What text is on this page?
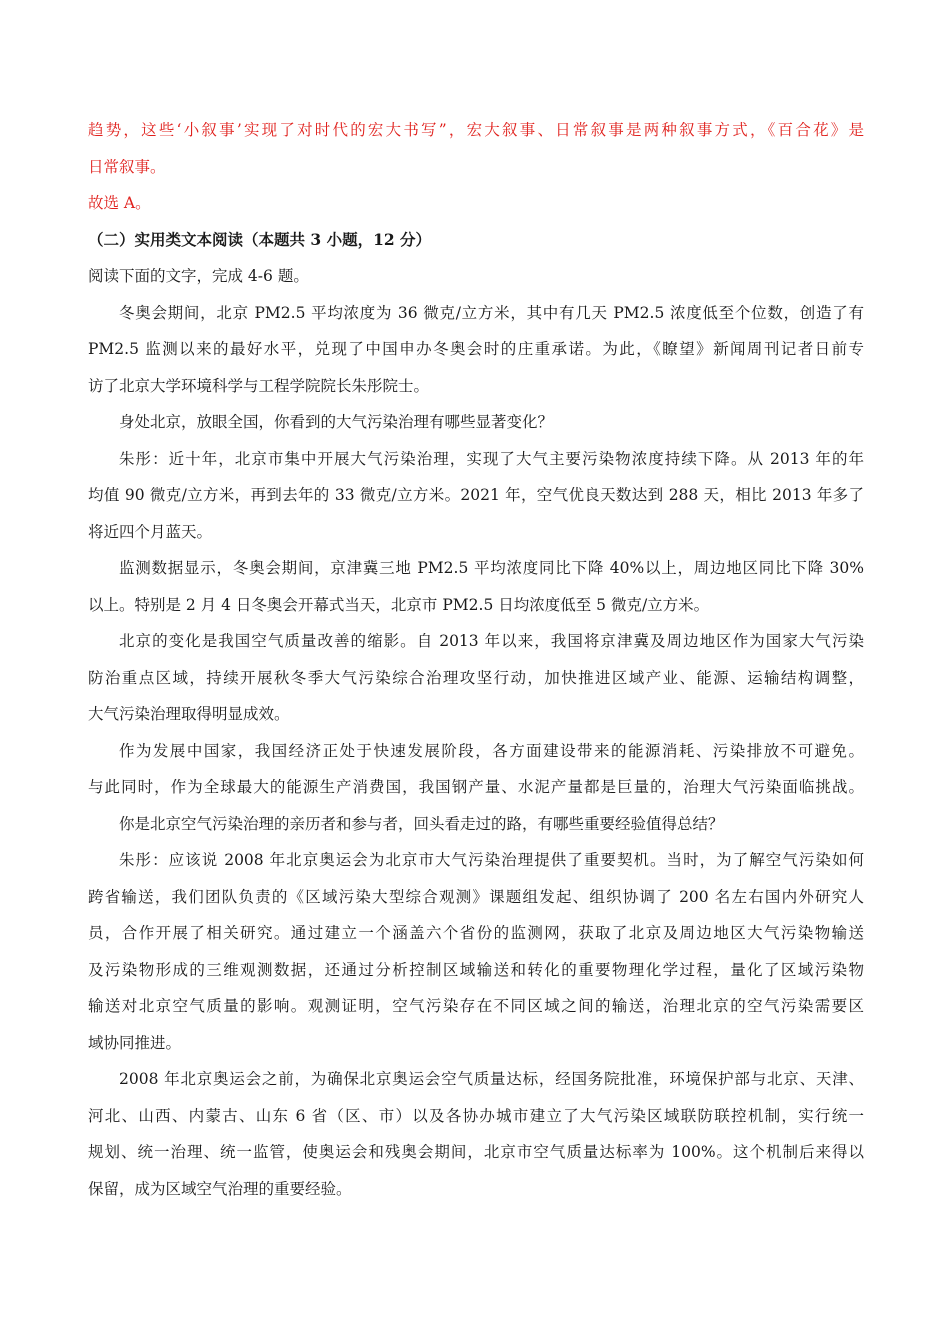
趋势，这些‘小叙事’实现了对时代的宏大书写”，宏大叙事、日常叙事是两种叙事方式，《百合花》是
日常叙事。
故选 A。
（二）实用类文本阅读（本题共 3 小题，12 分）
阅读下面的文字，完成 4-6 题。
冬奥会期间，北京 PM2.5 平均浓度为 36 微克/立方米，其中有几天 PM2.5 浓度低至个位数，创造了有
PM2.5 监测以来的最好水平，兑现了中国申办冬奥会时的庄重承诺。为此，《瞭望》新闻周刊记者日前专
访了北京大学环境科学与工程学院院长朱彤院士。
身处北京，放眼全国，你看到的大气污染治理有哪些显著变化？
朱彤：近十年，北京市集中开展大气污染治理，实现了大气主要污染物浓度持续下降。从 2013 年的年
均值 90 微克/立方米，再到去年的 33 微克/立方米。2021 年，空气优良天数达到 288 天，相比 2013 年多了
将近四个月蓝天。
监测数据显示，冬奥会期间，京津冀三地 PM2.5 平均浓度同比下降 40%以上，周边地区同比下降 30%
以上。特别是 2 月 4 日冬奥会开幕式当天，北京市 PM2.5 日均浓度低至 5 微克/立方米。
北京的变化是我国空气质量改善的缩影。自 2013 年以来，我国将京津冀及周边地区作为国家大气污染
防治重点区域，持续开展秋冬季大气污染综合治理攻坚行动，加快推进区域产业、能源、运输结构调整，
大气污染治理取得明显成效。
作为发展中国家，我国经济正处于快速发展阶段，各方面建设带来的能源消耗、污染排放不可避免。
与此同时，作为全球最大的能源生产消费国，我国钢产量、水泥产量都是巨量的，治理大气污染面临挑战。
你是北京空气污染治理的亲历者和参与者，回头看走过的路，有哪些重要经验值得总结？
朱彤：应该说 2008 年北京奥运会为北京市大气污染治理提供了重要契机。当时，为了解空气污染如何
跨省输送，我们团队负责的《区域污染大型综合观测》课题组发起、组织协调了 200 名左右国内外研究人
员，合作开展了相关研究。通过建立一个涵盖六个省份的监测网，获取了北京及周边地区大气污染物输送
及污染物形成的三维观测数据，还通过分析控制区域输送和转化的重要物理化学过程，量化了区域污染物
输送对北京空气质量的影响。观测证明，空气污染存在不同区域之间的输送，治理北京的空气污染需要区
域协同推进。
2008 年北京奥运会之前，为确保北京奥运会空气质量达标，经国务院批准，环境保护部与北京、天津、
河北、山西、内蒙古、山东 6 省（区、市）以及各协办城市建立了大气污染区域联防联控机制，实行统一
规划、统一治理、统一监管，使奥运会和残奥会期间，北京市空气质量达标率为 100%。这个机制后来得以
保留，成为区域空气治理的重要经验。
